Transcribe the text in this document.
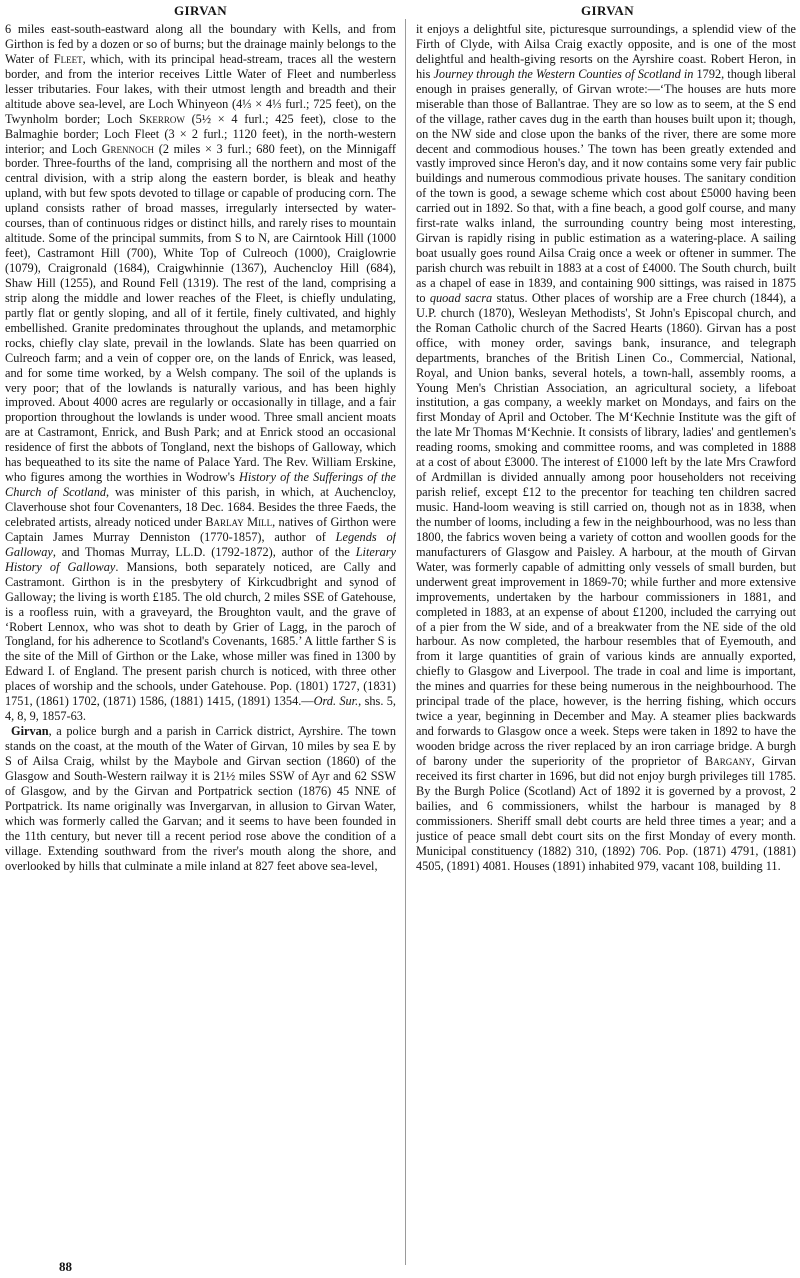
GIRVAN	GIRVAN

6 miles east-south-eastward along all the boundary with Kells, and from Girthon is fed by a dozen or so of burns; but the drainage mainly belongs to the Water of Fleet, which, with its principal head-stream, traces all the western border, and from the interior receives Little Water of Fleet and numberless lesser tributaries. Four lakes, with their utmost length and breadth and their altitude above sea-level, are Loch Whinyeon (4⅓ × 4⅓ furl.; 725 feet), on the Twynholm border; Loch Skerrow (5½ × 4 furl.; 425 feet), close to the Balmaghie border; Loch Fleet (3 × 2 furl.; 1120 feet), in the north-western interior; and Loch Grennoch (2 miles × 3 furl.; 680 feet), on the Minnigaff border. Three-fourths of the land, comprising all the northern and most of the central division, with a strip along the eastern border, is bleak and heathy upland, with but few spots devoted to tillage or capable of producing corn. The upland consists rather of broad masses, irregularly intersected by water-courses, than of continuous ridges or distinct hills, and rarely rises to mountain altitude. Some of the principal summits, from S to N, are Cairntook Hill (1000 feet), Castramont Hill (700), White Top of Culreoch (1000), Craiglowrie (1079), Craigronald (1684), Craigwhinnie (1367), Auchencloy Hill (684), Shaw Hill (1255), and Round Fell (1319). The rest of the land, comprising a strip along the middle and lower reaches of the Fleet, is chiefly undulating, partly flat or gently sloping, and all of it fertile, finely cultivated, and highly embellished. Granite predominates throughout the uplands, and metamorphic rocks, chiefly clay slate, prevail in the lowlands. Slate has been quarried on Culreoch farm; and a vein of copper ore, on the lands of Enrick, was leased, and for some time worked, by a Welsh company. The soil of the uplands is very poor; that of the lowlands is naturally various, and has been highly improved. About 4000 acres are regularly or occasionally in tillage, and a fair proportion throughout the lowlands is under wood. Three small ancient moats are at Castramont, Enrick, and Bush Park; and at Enrick stood an occasional residence of first the abbots of Tongland, next the bishops of Galloway, which has bequeathed to its site the name of Palace Yard. The Rev. William Erskine, who figures among the worthies in Wodrow's History of the Sufferings of the Church of Scotland, was minister of this parish, in which, at Auchencloy, Claverhouse shot four Covenanters, 18 Dec. 1684. Besides the three Faeds, the celebrated artists, already noticed under Barlay Mill, natives of Girthon were Captain James Murray Denniston (1770-1857), author of Legends of Galloway, and Thomas Murray, LL.D. (1792-1872), author of the Literary History of Galloway. Mansions, both separately noticed, are Cally and Castramont. Girthon is in the presbytery of Kirkcudbright and synod of Galloway; the living is worth £185. The old church, 2 miles SSE of Gatehouse, is a roofless ruin, with a graveyard, the Broughton vault, and the grave of ‘Robert Lennox, who was shot to death by Grier of Lagg, in the paroch of Tongland, for his adherence to Scotland's Covenants, 1685.’ A little farther S is the site of the Mill of Girthon or the Lake, whose miller was fined in 1300 by Edward I. of England. The present parish church is noticed, with three other places of worship and the schools, under Gatehouse. Pop. (1801) 1727, (1831) 1751, (1861) 1702, (1871) 1586, (1881) 1415, (1891) 1354.—Ord. Sur., shs. 5, 4, 8, 9, 1857-63.

Girvan, a police burgh and a parish in Carrick district, Ayrshire. The town stands on the coast, at the mouth of the Water of Girvan, 10 miles by sea E by S of Ailsa Craig, whilst by the Maybole and Girvan section (1860) of the Glasgow and South-Western railway it is 21½ miles SSW of Ayr and 62 SSW of Glasgow, and by the Girvan and Portpatrick section (1876) 45 NNE of Portpatrick. Its name originally was Invergarvan, in allusion to Girvan Water, which was formerly called the Garvan; and it seems to have been founded in the 11th century, but never till a recent period rose above the condition of a village. Extending southward from the river's mouth along the shore, and overlooked by hills that culminate a mile inland at 827 feet above sea-level,

it enjoys a delightful site, picturesque surroundings, a splendid view of the Firth of Clyde, with Ailsa Craig exactly opposite, and is one of the most delightful and health-giving resorts on the Ayrshire coast. Robert Heron, in his Journey through the Western Counties of Scotland in 1792, though liberal enough in praises generally, of Girvan wrote:—‘The houses are huts more miserable than those of Ballantrae. They are so low as to seem, at the S end of the village, rather caves dug in the earth than houses built upon it; though, on the NW side and close upon the banks of the river, there are some more decent and commodious houses.’ The town has been greatly extended and vastly improved since Heron's day, and it now contains some very fair public buildings and numerous commodious private houses. The sanitary condition of the town is good, a sewage scheme which cost about £5000 having been carried out in 1892. So that, with a fine beach, a good golf course, and many first-rate walks inland, the surrounding country being most interesting, Girvan is rapidly rising in public estimation as a watering-place. A sailing boat usually goes round Ailsa Craig once a week or oftener in summer. The parish church was rebuilt in 1883 at a cost of £4000. The South church, built as a chapel of ease in 1839, and containing 900 sittings, was raised in 1875 to quoad sacra status. Other places of worship are a Free church (1844), a U.P. church (1870), Wesleyan Methodists', St John's Episcopal church, and the Roman Catholic church of the Sacred Hearts (1860). Girvan has a post office, with money order, savings bank, insurance, and telegraph departments, branches of the British Linen Co., Commercial, National, Royal, and Union banks, several hotels, a town-hall, assembly rooms, a Young Men's Christian Association, an agricultural society, a lifeboat institution, a gas company, a weekly market on Mondays, and fairs on the first Monday of April and October. The M‘Kechnie Institute was the gift of the late Mr Thomas M‘Kechnie. It consists of library, ladies' and gentlemen's reading rooms, smoking and committee rooms, and was completed in 1888 at a cost of about £3000. The interest of £1000 left by the late Mrs Crawford of Ardmillan is divided annually among poor householders not receiving parish relief, except £12 to the precentor for teaching ten children sacred music. Hand-loom weaving is still carried on, though not as in 1838, when the number of looms, including a few in the neighbourhood, was no less than 1800, the fabrics woven being a variety of cotton and woollen goods for the manufacturers of Glasgow and Paisley. A harbour, at the mouth of Girvan Water, was formerly capable of admitting only vessels of small burden, but underwent great improvement in 1869-70; while further and more extensive improvements, undertaken by the harbour commissioners in 1881, and completed in 1883, at an expense of about £1200, included the carrying out of a pier from the W side, and of a breakwater from the NE side of the old harbour. As now completed, the harbour resembles that of Eyemouth, and from it large quantities of grain of various kinds are annually exported, chiefly to Glasgow and Liverpool. The trade in coal and lime is important, the mines and quarries for these being numerous in the neighbourhood. The principal trade of the place, however, is the herring fishing, which occurs twice a year, beginning in December and May. A steamer plies backwards and forwards to Glasgow once a week. Steps were taken in 1892 to have the wooden bridge across the river replaced by an iron carriage bridge. A burgh of barony under the superiority of the proprietor of Bargany, Girvan received its first charter in 1696, but did not enjoy burgh privileges till 1785. By the Burgh Police (Scotland) Act of 1892 it is governed by a provost, 2 bailies, and 6 commissioners, whilst the harbour is managed by 8 commissioners. Sheriff small debt courts are held three times a year; and a justice of peace small debt court sits on the first Monday of every month. Municipal constituency (1882) 310, (1892) 706. Pop. (1871) 4791, (1881) 4505, (1891) 4081. Houses (1891) inhabited 979, vacant 108, building 11.

88
